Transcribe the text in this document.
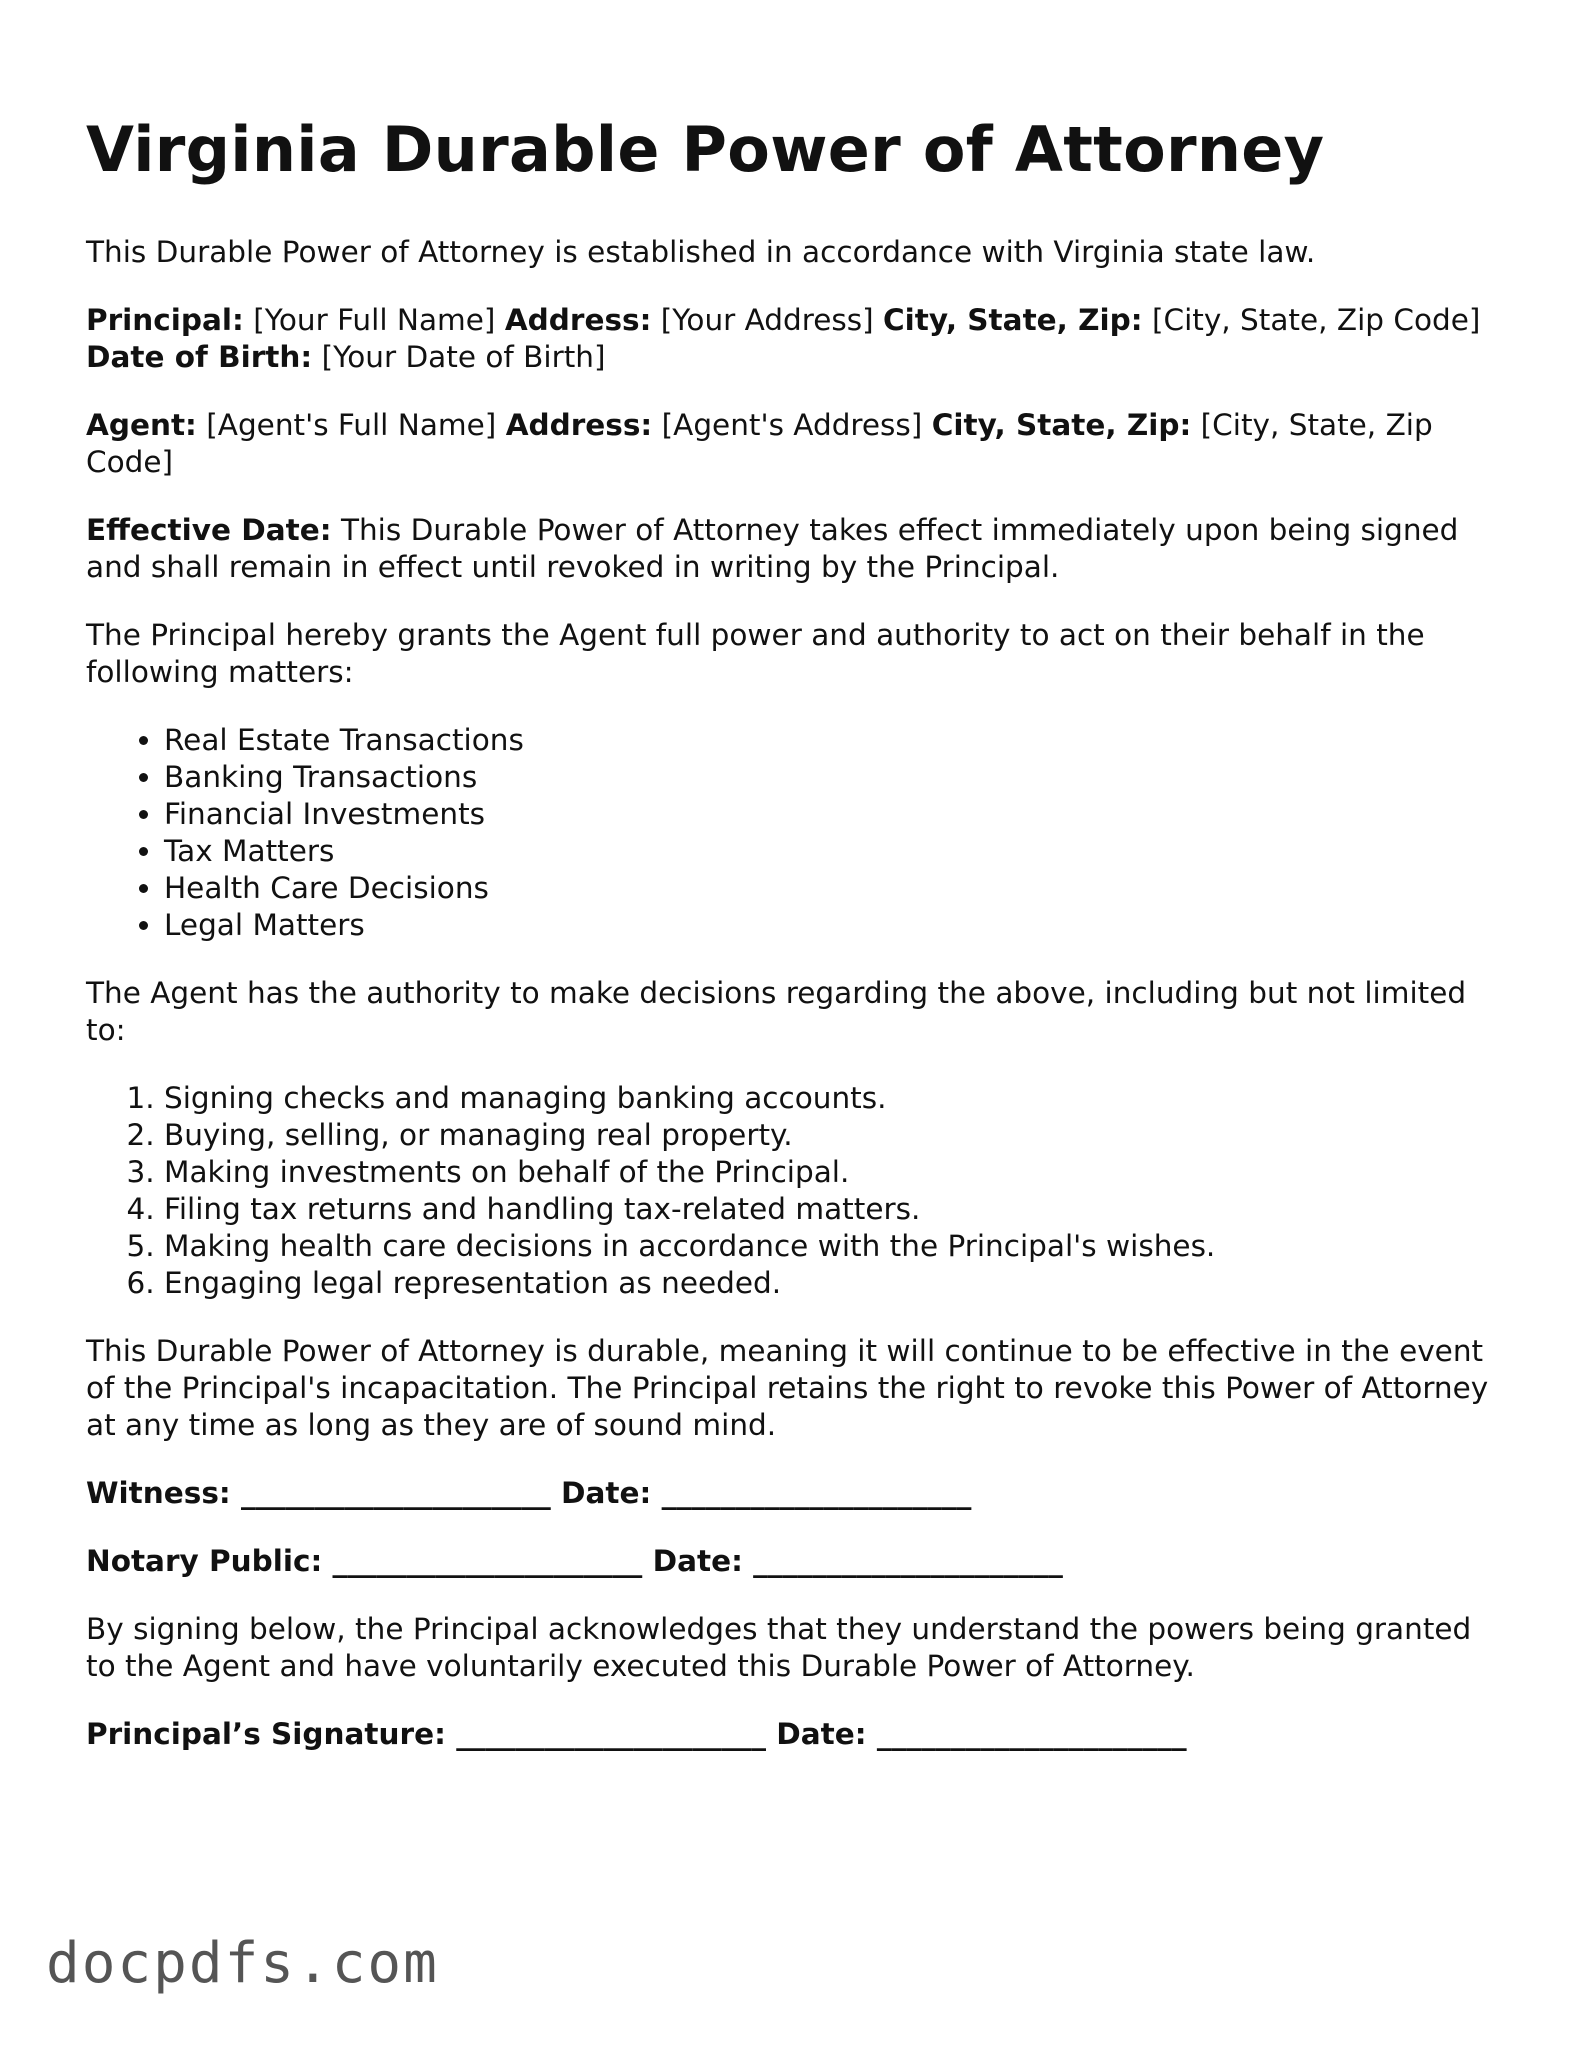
Virginia Durable Power of Attorney

This Durable Power of Attorney is established in accordance with Virginia state law.

Principal: [Your Full Name] Address: [Your Address] City, State, Zip: [City, State, Zip Code] Date of Birth: [Your Date of Birth]

Agent: [Agent's Full Name] Address: [Agent's Address] City, State, Zip: [City, State, Zip Code]

Effective Date: This Durable Power of Attorney takes effect immediately upon being signed and shall remain in effect until revoked in writing by the Principal.

The Principal hereby grants the Agent full power and authority to act on their behalf in the following matters:

• Real Estate Transactions
• Banking Transactions
• Financial Investments
• Tax Matters
• Health Care Decisions
• Legal Matters

The Agent has the authority to make decisions regarding the above, including but not limited to:

1. Signing checks and managing banking accounts.
2. Buying, selling, or managing real property.
3. Making investments on behalf of the Principal.
4. Filing tax returns and handling tax-related matters.
5. Making health care decisions in accordance with the Principal's wishes.
6. Engaging legal representation as needed.

This Durable Power of Attorney is durable, meaning it will continue to be effective in the event of the Principal's incapacitation. The Principal retains the right to revoke this Power of Attorney at any time as long as they are of sound mind.

Witness: _____________________ Date: _____________________

Notary Public: _____________________ Date: _____________________

By signing below, the Principal acknowledges that they understand the powers being granted to the Agent and have voluntarily executed this Durable Power of Attorney.

Principal’s Signature: _____________________ Date: _____________________

docpdfs.com
